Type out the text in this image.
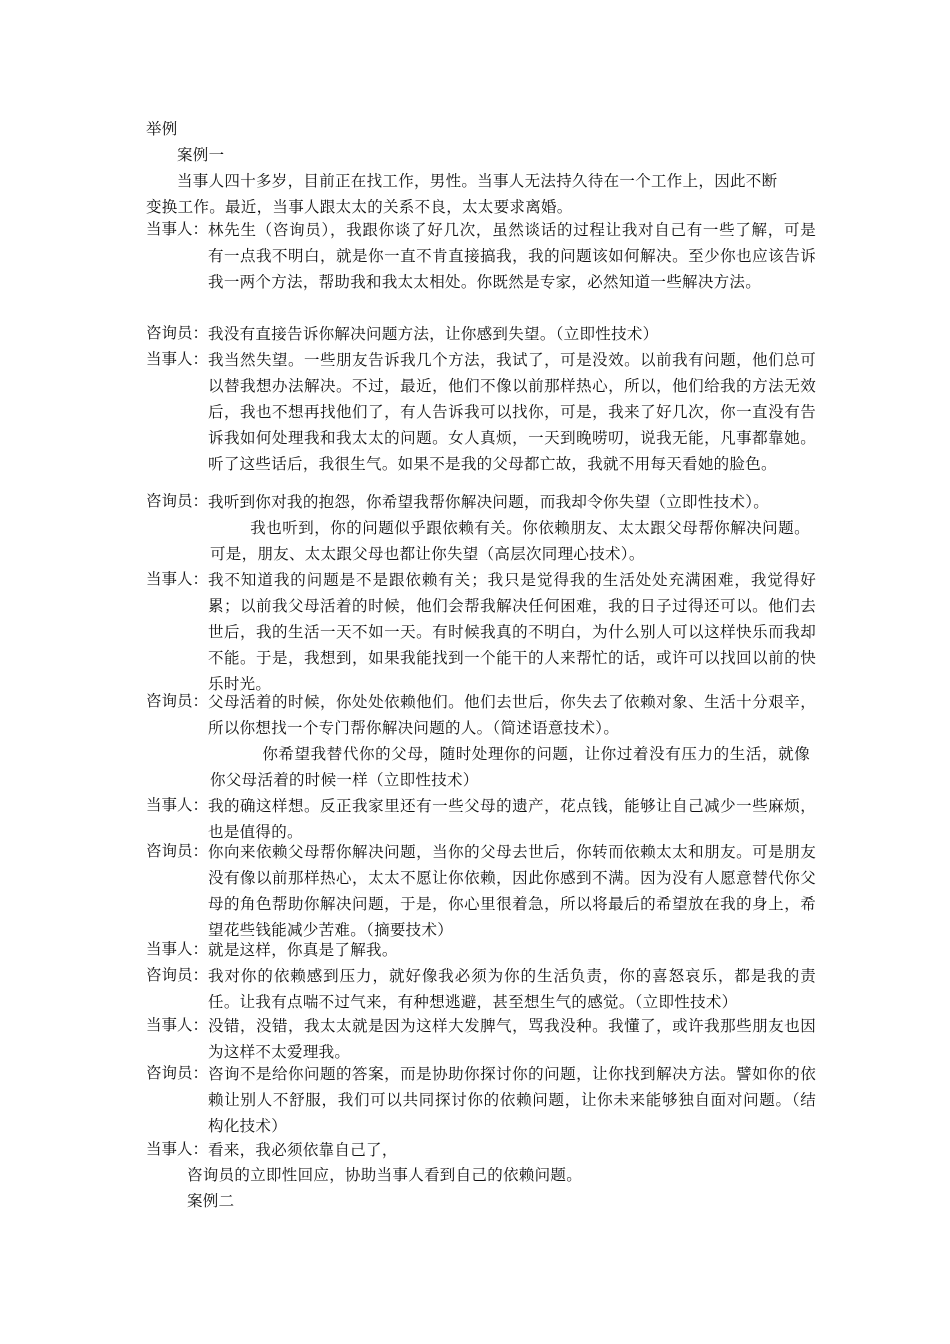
举例
案例一
当事人四十多岁，目前正在找工作，男性。当事人无法持久待在一个工作上，因此不断
变换工作。最近，当事人跟太太的关系不良，太太要求离婚。
当事人： 林先生（咨询员），我跟你谈了好几次，虽然谈话的过程让我对自己有一些了解，可是有一点我不明白，就是你一直不肯直接搞我，我的问题该如何解决。至少你也应该告诉我一两个方法，帮助我和我太太相处。你既然是专家，必然知道一些解决方法。
咨询员： 我没有直接告诉你解决问题方法，让你感到失望。（立即性技术）
当事人： 我当然失望。一些朋友告诉我几个方法，我试了，可是没效。以前我有问题，他们总可以替我想办法解决。不过，最近，他们不像以前那样热心，所以，他们给我的方法无效后，我也不想再找他们了，有人告诉我可以找你，可是，我来了好几次，你一直没有告诉我如何处理我和我太太的问题。女人真烦，一天到晚唠叨，说我无能，凡事都靠她。听了这些话后，我很生气。如果不是我的父母都亡故，我就不用每天看她的脸色。
咨询员： 我听到你对我的抱怨，你希望我帮你解决问题，而我却令你失望（立即性技术）。
我也听到，你的问题似乎跟依赖有关。你依赖朋友、太太跟父母帮你解决问题。可是，朋友、太太跟父母也都让你失望（高层次同理心技术）。
当事人： 我不知道我的问题是不是跟依赖有关；我只是觉得我的生活处处充满困难，我觉得好累；以前我父母活着的时候，他们会帮我解决任何困难，我的日子过得还可以。他们去世后，我的生活一天不如一天。有时候我真的不明白，为什么别人可以这样快乐而我却不能。于是，我想到，如果我能找到一个能干的人来帮忙的话，或许可以找回以前的快乐时光。
咨询员： 父母活着的时候，你处处依赖他们。他们去世后，你失去了依赖对象、生活十分艰辛，所以你想找一个专门帮你解决问题的人。（简述语意技术）。
你希望我替代你的父母，随时处理你的问题，让你过着没有压力的生活，就像你父母活着的时候一样（立即性技术）
当事人： 我的确这样想。反正我家里还有一些父母的遗产，花点钱，能够让自己减少一些麻烦，也是值得的。
咨询员： 你向来依赖父母帮你解决问题，当你的父母去世后，你转而依赖太太和朋友。可是朋友没有像以前那样热心，太太不愿让你依赖，因此你感到不满。因为没有人愿意替代你父母的角色帮助你解决问题，于是，你心里很着急，所以将最后的希望放在我的身上，希望花些钱能减少苦难。（摘要技术）
当事人： 就是这样，你真是了解我。
咨询员： 我对你的依赖感到压力，就好像我必须为你的生活负责，你的喜怒哀乐，都是我的责任。让我有点喘不过气来，有种想逃避，甚至想生气的感觉。（立即性技术）
当事人： 没错，没错，我太太就是因为这样大发脾气，骂我没种。我懂了，或许我那些朋友也因为这样不太爱理我。
咨询员： 咨询不是给你问题的答案，而是协助你探讨你的问题，让你找到解决方法。譬如你的依赖让别人不舒服，我们可以共同探讨你的依赖问题，让你未来能够独自面对问题。（结构化技术）
当事人： 看来，我必须依靠自己了，
咨询员的立即性回应，协助当事人看到自己的依赖问题。
案例二
